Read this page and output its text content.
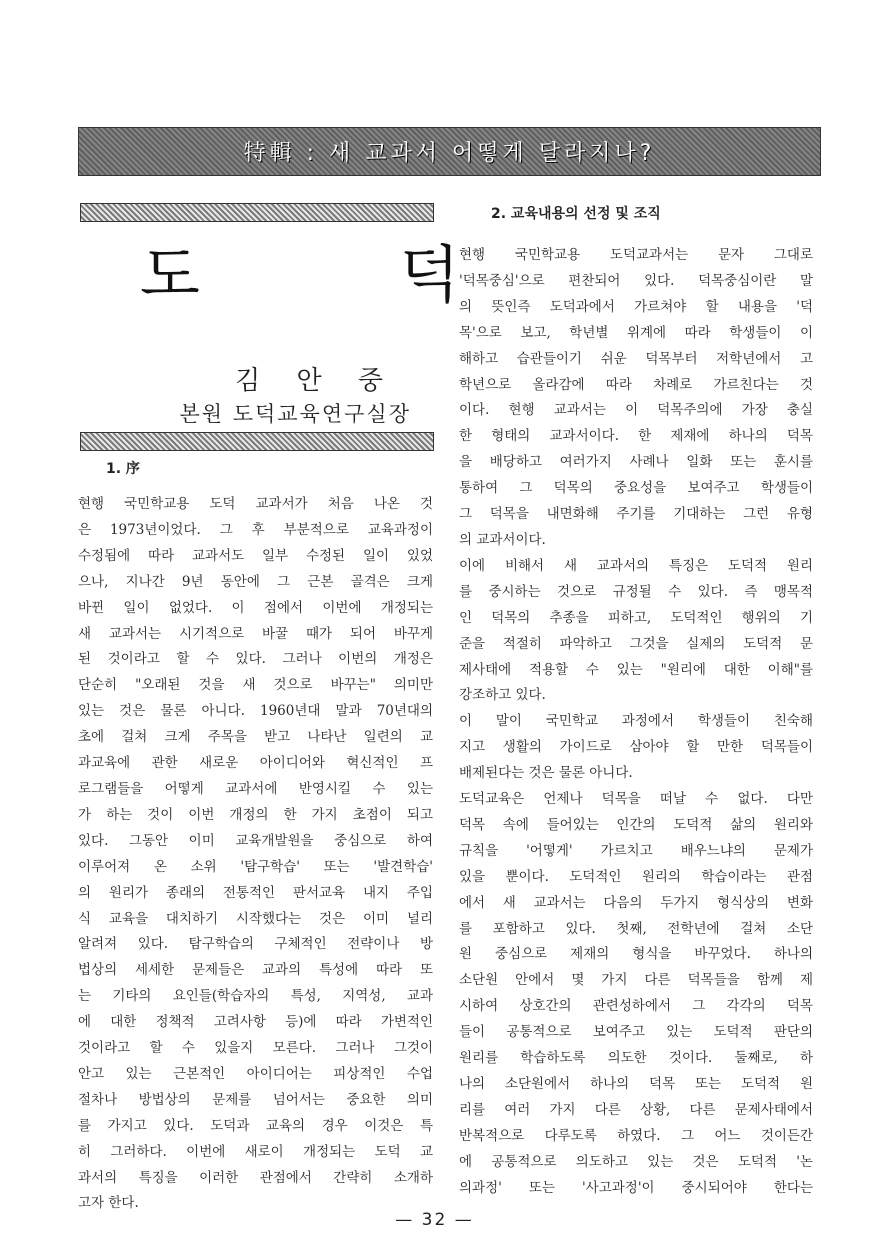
特輯 : 새 교과서 어떻게 달라지나?
도 덕
김 안 중
본원 도덕교육연구실장
1. 序
현행 국민학교용 도덕 교과서가 처음 나온 것
은 1973년이었다. 그 후 부분적으로 교육과정이
수정됨에 따라 교과서도 일부 수정된 일이 있었
으나, 지나간 9년 동안에 그 근본 골격은 크게
바뀐 일이 없었다. 이 점에서 이번에 개정되는
새 교과서는 시기적으로 바꿀 때가 되어 바꾸게
된 것이라고 할 수 있다. 그러나 이번의 개정은
단순히 "오래된 것을 새 것으로 바꾸는" 의미만
있는 것은 물론 아니다. 1960년대 말과 70년대의
초에 걸쳐 크게 주목을 받고 나타난 일련의 교
과교육에 관한 새로운 아이디어와 혁신적인 프
로그램들을 어떻게 교과서에 반영시킬 수 있는
가 하는 것이 이번 개정의 한 가지 초점이 되고
있다. 그동안 이미 교육개발원을 중심으로 하여
이루어져 온 소위 '탐구학습' 또는 '발견학습'
의 원리가 종래의 전통적인 판서교육 내지 주입
식 교육을 대치하기 시작했다는 것은 이미 널리
알려져 있다. 탐구학습의 구체적인 전략이나 방
법상의 세세한 문제들은 교과의 특성에 따라 또
는 기타의 요인들(학습자의 특성, 지역성, 교과
에 대한 정책적 고려사항 등)에 따라 가변적인
것이라고 할 수 있을지 모른다. 그러나 그것이
안고 있는 근본적인 아이디어는 피상적인 수업
절차나 방법상의 문제를 넘어서는 중요한 의미
를 가지고 있다. 도덕과 교육의 경우 이것은 특
히 그러하다. 이번에 새로이 개정되는 도덕 교
과서의 특징을 이러한 관점에서 간략히 소개하
고자 한다.
2. 교육내용의 선정 및 조직
현행 국민학교용 도덕교과서는 문자 그대로
'덕목중심'으로 편찬되어 있다. 덕목중심이란 말
의 뜻인즉 도덕과에서 가르쳐야 할 내용을 '덕
목'으로 보고, 학년별 위계에 따라 학생들이 이
해하고 습관들이기 쉬운 덕목부터 저학년에서 고
학년으로 올라감에 따라 차례로 가르친다는 것
이다. 현행 교과서는 이 덕목주의에 가장 충실
한 형태의 교과서이다. 한 제재에 하나의 덕목
을 배당하고 여러가지 사례나 일화 또는 훈시를
통하여 그 덕목의 중요성을 보여주고 학생들이
그 덕목을 내면화해 주기를 기대하는 그런 유형
의 교과서이다.
이에 비해서 새 교과서의 특징은 도덕적 원리
를 중시하는 것으로 규정될 수 있다. 즉 맹목적
인 덕목의 추종을 피하고, 도덕적인 행위의 기
준을 적절히 파악하고 그것을 실제의 도덕적 문
제사태에 적용할 수 있는 "원리에 대한 이해"를
강조하고 있다.
이 말이 국민학교 과정에서 학생들이 친숙해
지고 생활의 가이드로 삼아야 할 만한 덕목들이
배제된다는 것은 물론 아니다.
도덕교육은 언제나 덕목을 떠날 수 없다. 다만
덕목 속에 들어있는 인간의 도덕적 삶의 원리와
규칙을 '어떻게' 가르치고 배우느냐의 문제가
있을 뿐이다. 도덕적인 원리의 학습이라는 관점
에서 새 교과서는 다음의 두가지 형식상의 변화
를 포함하고 있다. 첫째, 전학년에 걸쳐 소단
원 중심으로 제재의 형식을 바꾸었다. 하나의
소단원 안에서 몇 가지 다른 덕목들을 함께 제
시하여 상호간의 관련성하에서 그 각각의 덕목
들이 공통적으로 보여주고 있는 도덕적 판단의
원리를 학습하도록 의도한 것이다. 둘째로, 하
나의 소단원에서 하나의 덕목 또는 도덕적 원
리를 여러 가지 다른 상황, 다른 문제사태에서
반복적으로 다루도록 하였다. 그 어느 것이든간
에 공통적으로 의도하고 있는 것은 도덕적 '논
의과정' 또는 '사고과정'이 중시되어야 한다는
— 32 —
